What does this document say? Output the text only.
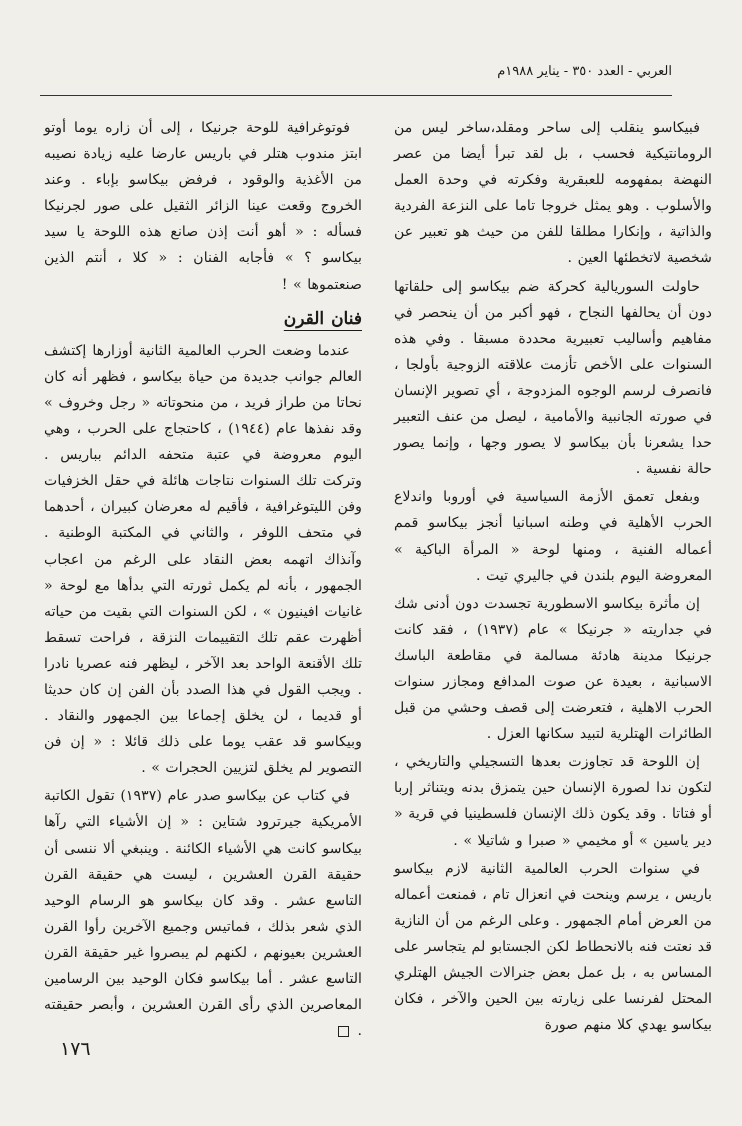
العربي - العدد ٣٥٠ - يناير ١٩٨٨م

فبيكاسو ينقلب إلى ساحر ومقلد،ساخر ليس من الرومانتيكية فحسب ، بل لقد تبرأ أيضا من عصر النهضة بمفهومه للعبقرية وفكرته في وحدة العمل والأسلوب . وهو يمثل خروجا تاما على النزعة الفردية والذاتية ، وإنكارا مطلقا للفن من حيث هو تعبير عن شخصية لاتخطئها العين .

حاولت السوريالية كحركة ضم بيكاسو إلى حلقاتها دون أن يحالفها النجاح ، فهو أكبر من أن ينحصر في مفاهيم وأساليب تعبيرية محددة مسبقا . وفي هذه السنوات على الأخص تأزمت علاقته الزوجية بأولجا ، فانصرف لرسم الوجوه المزدوجة ، أي تصوير الإنسان في صورته الجانبية والأمامية ، ليصل من عنف التعبير حدا يشعرنا بأن بيكاسو لا يصور وجها ، وإنما يصور حالة نفسية .

وبفعل تعمق الأزمة السياسية في أوروبا واندلاع الحرب الأهلية في وطنه اسبانيا أنجز بيكاسو قمم أعماله الفنية ، ومنها لوحة « المرأة الباكية » المعروضة اليوم بلندن في جاليري تيت .

إن مأثرة بيكاسو الاسطورية تجسدت دون أدنى شك في جداريته « جرنيكا » عام (١٩٣٧) ، فقد كانت جرنيكا مدينة هادئة مسالمة في مقاطعة الباسك الاسبانية ، بعيدة عن صوت المدافع ومجازر سنوات الحرب الاهلية ، فتعرضت إلى قصف وحشي من قبل الطائرات الهتلرية لتبيد سكانها العزل .

إن اللوحة قد تجاوزت بعدها التسجيلي والتاريخي ، لتكون ندا لصورة الإنسان حين يتمزق بدنه ويتناثر إربا أو فتاتا . وقد يكون ذلك الإنسان فلسطينيا في قرية « دير ياسين » أو مخيمي « صبرا و شاتيلا » .

في سنوات الحرب العالمية الثانية لازم بيكاسو باريس ، يرسم وينحت في انعزال تام ، فمنعت أعماله من العرض أمام الجمهور . وعلى الرغم من أن النازية قد نعتت فنه بالانحطاط لكن الجستابو لم يتجاسر على المساس به ، بل عمل بعض جنرالات الجيش الهتلري المحتل لفرنسا على زيارته بين الحين والآخر ، فكان بيكاسو يهدي كلا منهم صورة

فوتوغرافية للوحة جرنيكا ، إلى أن زاره يوما أوتو ابتز مندوب هتلر في باريس عارضا عليه زيادة نصيبه من الأغذية والوقود ، فرفض بيكاسو بإباء . وعند الخروج وقعت عينا الزائر الثقيل على صور لجرنيكا فسأله : « أهو أنت إذن صانع هذه اللوحة يا سيد بيكاسو ؟ » فأجابه الفنان : « كلا ، أنتم الذين صنعتموها » !

فنان القرن

عندما وضعت الحرب العالمية الثانية أوزارها إكتشف العالم جوانب جديدة من حياة بيكاسو ، فظهر أنه كان نحاتا من طراز فريد ، من منحوتاته « رجل وخروف » وقد نفذها عام (١٩٤٤) ، كاحتجاج على الحرب ، وهي اليوم معروضة في عتبة متحفه الدائم بباريس . وتركت تلك السنوات نتاجات هائلة في حقل الخزفيات وفن الليتوغرافية ، فأقيم له معرضان كبيران ، أحدهما في متحف اللوفر ، والثاني في المكتبة الوطنية . وآنذاك اتهمه بعض النقاد على الرغم من اعجاب الجمهور ، بأنه لم يكمل ثورته التي بدأها مع لوحة « غانيات افينيون » ، لكن السنوات التي بقيت من حياته أظهرت عقم تلك التقييمات النزقة ، فراحت تسقط تلك الأقنعة الواحد بعد الآخر ، ليظهر فنه عصريا نادرا . ويجب القول في هذا الصدد بأن الفن إن كان حديثا أو قديما ، لن يخلق إجماعا بين الجمهور والنقاد . وبيكاسو قد عقب يوما على ذلك قائلا : « إن فن التصوير لم يخلق لتزيين الحجرات » .

في كتاب عن بيكاسو صدر عام (١٩٣٧) تقول الكاتبة الأمريكية جيرترود شتاين : « إن الأشياء التي رآها بيكاسو كانت هي الأشياء الكائنة . وينبغي ألا ننسى أن حقيقة القرن العشرين ، ليست هي حقيقة القرن التاسع عشر . وقد كان بيكاسو هو الرسام الوحيد الذي شعر بذلك ، فماتيس وجميع الآخرين رأوا القرن العشرين بعيونهم ، لكنهم لم يبصروا غير حقيقة القرن التاسع عشر . أما بيكاسو فكان الوحيد بين الرسامين المعاصرين الذي رأى القرن العشرين ، وأبصر حقيقته .

١٧٦
